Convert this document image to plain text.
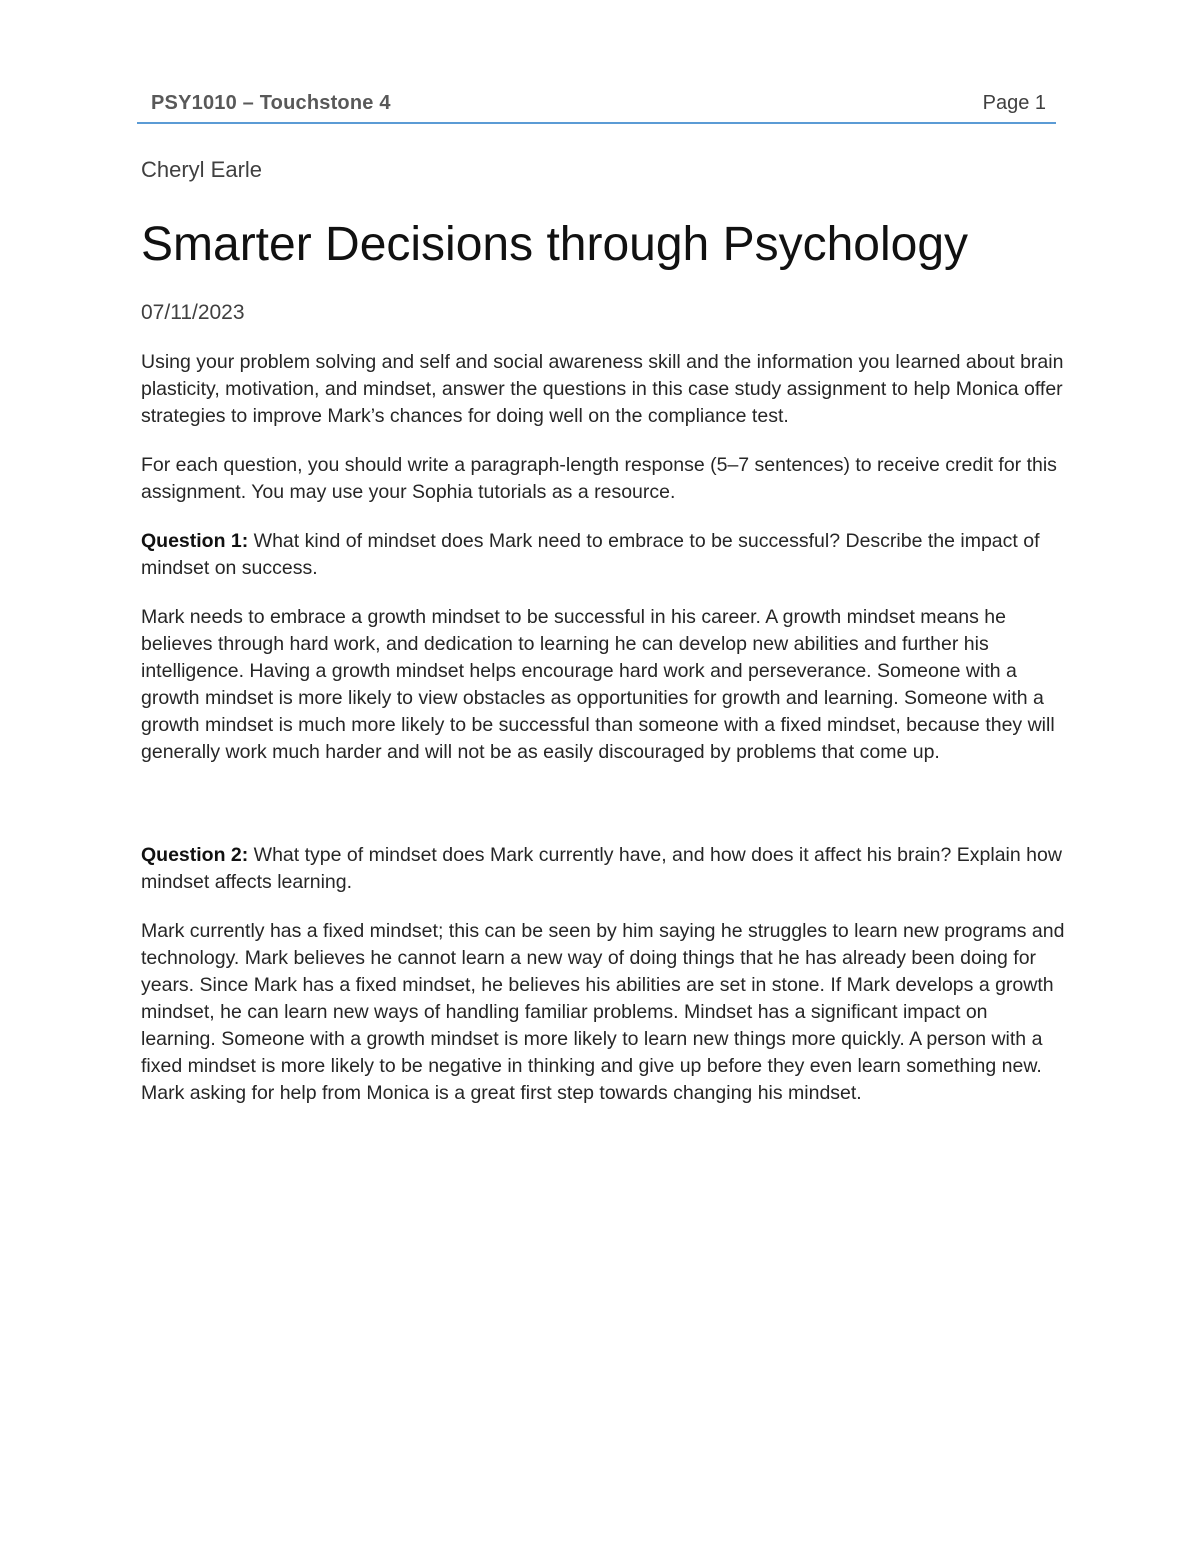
PSY1010 – Touchstone 4	Page 1
Cheryl Earle
Smarter Decisions through Psychology
07/11/2023

Using your problem solving and self and social awareness skill and the information you learned about brain plasticity, motivation, and mindset, answer the questions in this case study assignment to help Monica offer strategies to improve Mark’s chances for doing well on the compliance test.

For each question, you should write a paragraph-length response (5–7 sentences) to receive credit for this assignment. You may use your Sophia tutorials as a resource.

Question 1: What kind of mindset does Mark need to embrace to be successful? Describe the impact of mindset on success.

Mark needs to embrace a growth mindset to be successful in his career. A growth mindset means he believes through hard work, and dedication to learning he can develop new abilities and further his intelligence. Having a growth mindset helps encourage hard work and perseverance. Someone with a growth mindset is more likely to view obstacles as opportunities for growth and learning. Someone with a growth mindset is much more likely to be successful than someone with a fixed mindset, because they will generally work much harder and will not be as easily discouraged by problems that come up.

Question 2: What type of mindset does Mark currently have, and how does it affect his brain? Explain how mindset affects learning.

Mark currently has a fixed mindset; this can be seen by him saying he struggles to learn new programs and technology. Mark believes he cannot learn a new way of doing things that he has already been doing for years. Since Mark has a fixed mindset, he believes his abilities are set in stone. If Mark develops a growth mindset, he can learn new ways of handling familiar problems. Mindset has a significant impact on learning. Someone with a growth mindset is more likely to learn new things more quickly. A person with a fixed mindset is more likely to be negative in thinking and give up before they even learn something new. Mark asking for help from Monica is a great first step towards changing his mindset.
